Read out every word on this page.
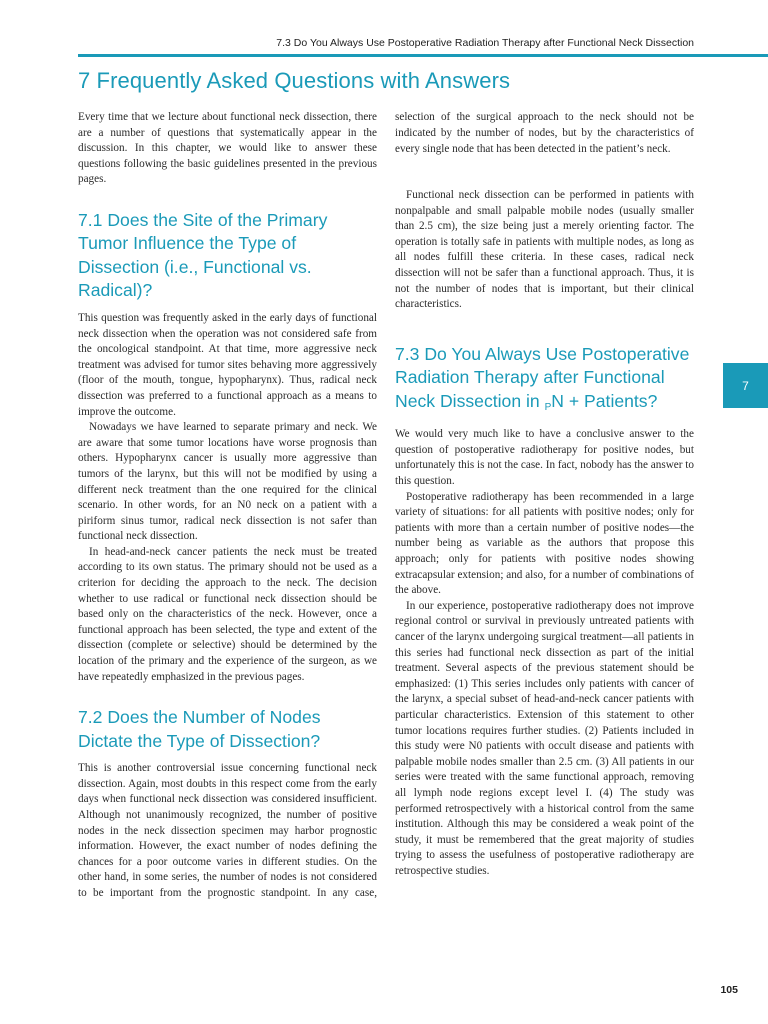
7.3 Do You Always Use Postoperative Radiation Therapy after Functional Neck Dissection
7 Frequently Asked Questions with Answers

Every time that we lecture about functional neck dissection, there are a number of questions that systematically appear in the discussion. In this chapter, we would like to answer these questions following the basic guidelines presented in the previous pages.

7.1 Does the Site of the Primary Tumor Influence the Type of Dissection (i.e., Functional vs. Radical)?

This question was frequently asked in the early days of functional neck dissection when the operation was not considered safe from the oncological standpoint. At that time, more aggressive neck treatment was advised for tumor sites behaving more aggressively (floor of the mouth, tongue, hypopharynx). Thus, radical neck dissection was preferred to a functional approach as a means to improve the outcome.

Nowadays we have learned to separate primary and neck. We are aware that some tumor locations have worse prognosis than others. Hypopharynx cancer is usually more aggressive than tumors of the larynx, but this will not be modified by using a different neck treatment than the one required for the clinical scenario. In other words, for an N0 neck on a patient with a piriform sinus tumor, radical neck dissection is not safer than functional neck dissection.

In head-and-neck cancer patients the neck must be treated according to its own status. The primary should not be used as a criterion for deciding the approach to the neck. The decision whether to use radical or functional neck dissection should be based only on the characteristics of the neck. However, once a functional approach has been selected, the type and extent of the dissection (complete or selective) should be determined by the location of the primary and the experience of the surgeon, as we have repeatedly emphasized in the previous pages.

7.2 Does the Number of Nodes Dictate the Type of Dissection?

This is another controversial issue concerning functional neck dissection. Again, most doubts in this respect come from the early days when functional neck dissection was considered insufficient. Although not unanimously recognized, the number of positive nodes in the neck dissection specimen may harbor prognostic information. However, the exact number of nodes defining the chances for a poor outcome varies in different studies. On the other hand, in some series, the number of nodes is not considered to be important from the prognostic standpoint. In any case,

selection of the surgical approach to the neck should not be indicated by the number of nodes, but by the characteristics of every single node that has been detected in the patient’s neck.

Functional neck dissection can be performed in patients with nonpalpable and small palpable mobile nodes (usually smaller than 2.5 cm), the size being just a merely orienting factor. The operation is totally safe in patients with multiple nodes, as long as all nodes fulfill these criteria. In these cases, radical neck dissection will not be safer than a functional approach. Thus, it is not the number of nodes that is important, but their clinical characteristics.

7.3 Do You Always Use Postoperative Radiation Therapy after Functional Neck Dissection in $_P$N + Patients?

We would very much like to have a conclusive answer to the question of postoperative radiotherapy for positive nodes, but unfortunately this is not the case. In fact, nobody has the answer to this question.

Postoperative radiotherapy has been recommended in a large variety of situations: for all patients with positive nodes; only for patients with more than a certain number of positive nodes—the number being as variable as the authors that propose this approach; only for patients with positive nodes showing extracapsular extension; and also, for a number of combinations of the above.

In our experience, postoperative radiotherapy does not improve regional control or survival in previously untreated patients with cancer of the larynx undergoing surgical treatment—all patients in this series had functional neck dissection as part of the initial treatment. Several aspects of the previous statement should be emphasized: (1) This series includes only patients with cancer of the larynx, a special subset of head-and-neck cancer patients with particular characteristics. Extension of this statement to other tumor locations requires further studies. (2) Patients included in this study were N0 patients with occult disease and patients with palpable mobile nodes smaller than 2.5 cm. (3) All patients in our series were treated with the same functional approach, removing all lymph node regions except level I. (4) The study was performed retrospectively with a historical control from the same institution. Although this may be considered a weak point of the study, it must be remembered that the great majority of studies trying to assess the usefulness of postoperative radiotherapy are retrospective studies.

7
105
